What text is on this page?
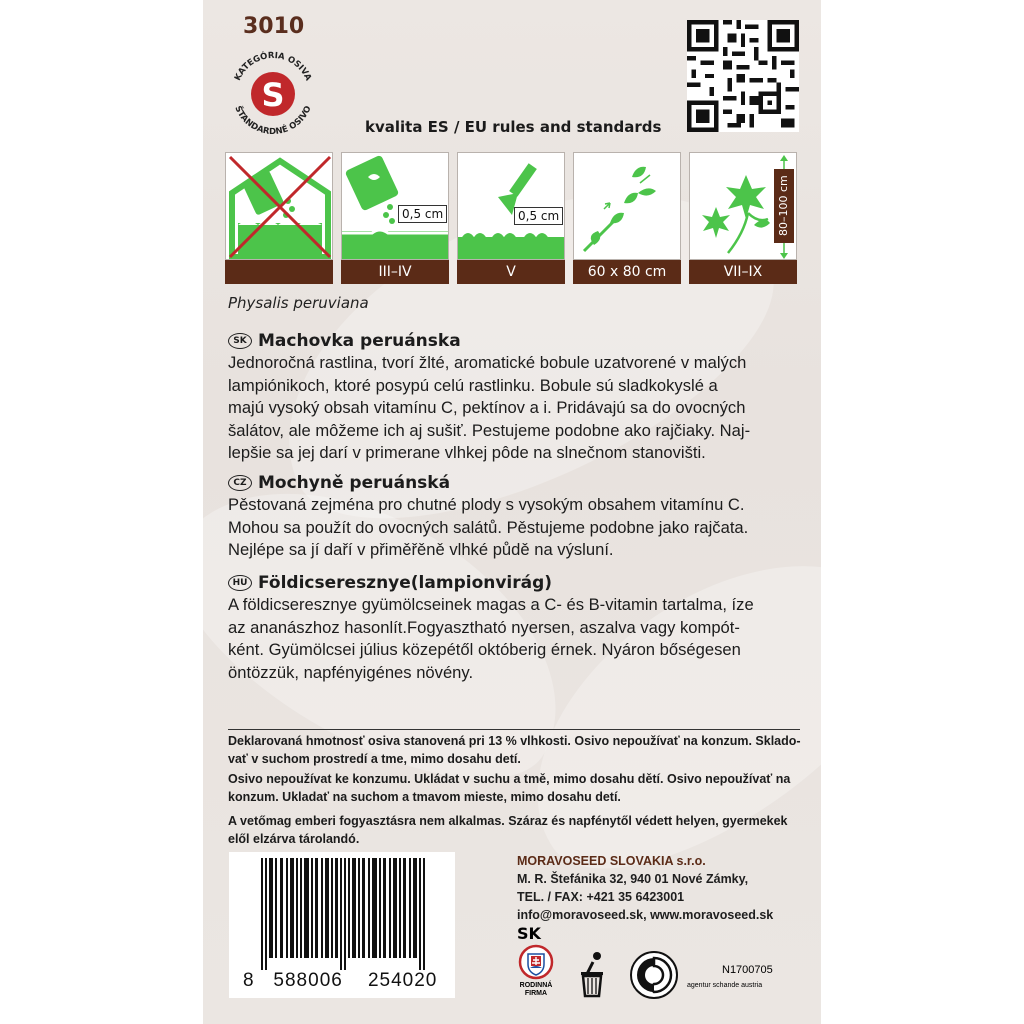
3010
S
KATEGÓRIA OSIVA
ŠTANDARDNÉ OSIVO
kvalita ES / EU rules and standards
0,5 cm
III–IV
0,5 cm
V	60 x 80 cm
80–100 cm
VII–IX
Physalis peruviana
SK Machovka peruánska
Jednoročná rastlina, tvorí žlté, aromatické bobule uzatvorené v malých
lampiónikoch, ktoré posypú celú rastlinku. Bobule sú sladkokyslé a
majú vysoký obsah vitamínu C, pektínov a i. Pridávajú sa do ovocných
šalátov, ale môžeme ich aj sušiť. Pestujeme podobne ako rajčiaky. Naj-
lepšie sa jej darí v primerane vlhkej pôde na slnečnom stanovišti.
CZ Mochyně peruánská
Pěstovaná zejména pro chutné plody s vysokým obsahem vitamínu C.
Mohou sa použít do ovocných salátů. Pěstujeme podobne jako rajčata.
Nejlépe sa jí daří v přiměřěně vlhké půdě na výsluní.
HU Földicseresznye(lampionvirág)
A földicseresznye gyümölcseinek magas a C- és B-vitamin tartalma, íze
az ananászhoz hasonlít.Fogyasztható nyersen, aszalva vagy kompót-
ként. Gyümölcsei július közepétől októberig érnek. Nyáron bőségesen
öntözzük, napfényigénes növény.
Deklarovaná hmotnosť osiva stanovená pri 13 % vlhkosti. Osivo nepoužívať na konzum. Sklado-
vať v suchom prostredí a tme, mimo dosahu detí.
Osivo nepoužívat ke konzumu. Ukládat v suchu a tmě, mimo dosahu dětí. Osivo nepoužívať na
konzum. Ukladať na suchom a tmavom mieste, mimo dosahu detí.
A vetőmag emberi fogyasztásra nem alkalmas. Száraz és napfénytől védett helyen, gyermekek
elől elzárva tárolandó.
8 588006 254020
MORAVOSEED SLOVAKIA s.r.o.
M. R. Štefánika 32, 940 01 Nové Zámky,
TEL. / FAX: +421 35 6423001
info@moravoseed.sk, www.moravoseed.sk
SK
RODINNÁ
FIRMA
N1700705
agentur schande austria
